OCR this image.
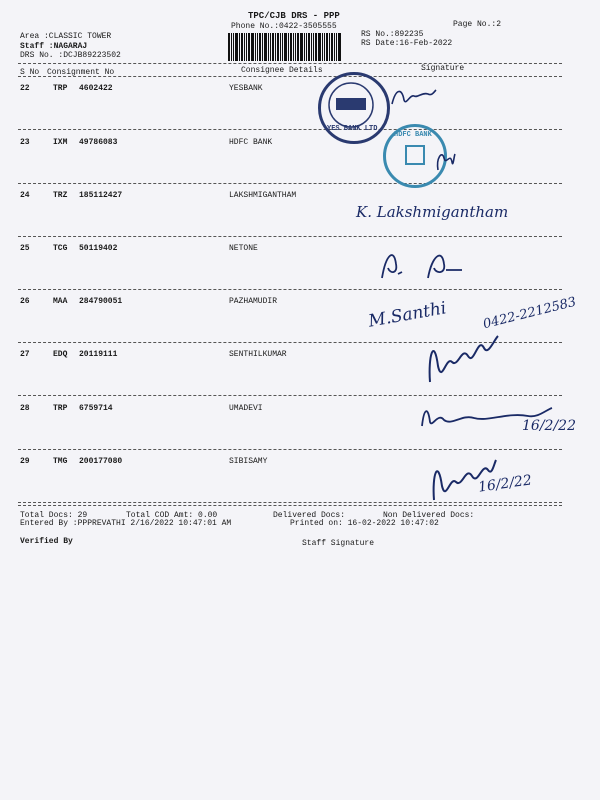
TPC/CJB DRS - PPP
Phone No.:0422-3505555	Page No.:2
Area :CLASSIC TOWER
Staff :NAGARAJ
DRS No. :DCJB89223502
RS No.:892235
RS Date:16-Feb-2022
S No Consignment No	Consignee Details	Signature
22	TRP 4602422	YESBANK
23	IXM 49786083	HDFC BANK
24	TRZ 185112427	LAKSHMIGANTHAM
25	TCG 50119402	NETONE
26	MAA 284790051	PAZHAMUDIR
27	EDQ 20119111	SENTHILKUMAR
28	TRP 6759714	UMADEVI
29	TMG 200177080	SIBISAMY
YES BANK LTD
HDFC BANK
K. Lakshmigantham
M.Santhi	0422-2212583
16/2/22
16/2/22
Total Docs: 29	Total COD Amt: 0.00	Delivered Docs:	Non Delivered Docs:
Entered By :PPPREVATHI 2/16/2022 10:47:01 AM	Printed on: 16-02-2022 10:47:02
Verified By	Staff Signature
